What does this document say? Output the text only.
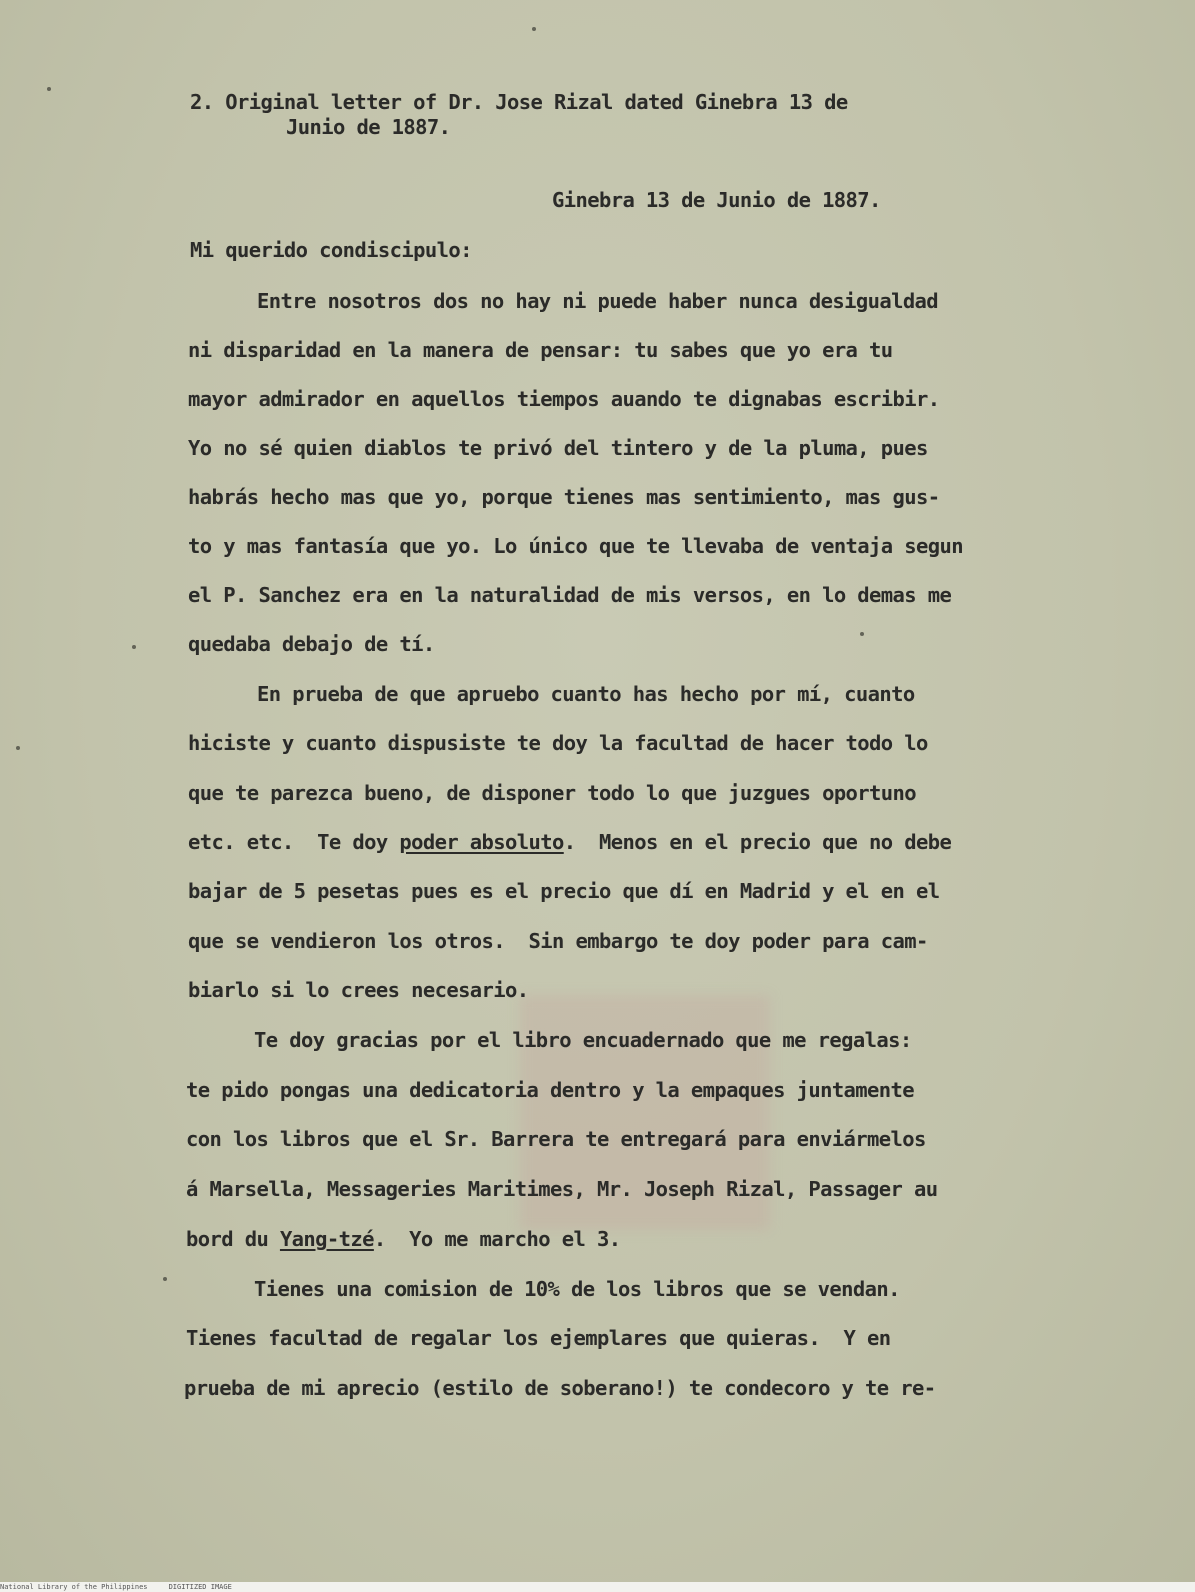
2. Original letter of Dr. Jose Rizal dated Ginebra 13 de

Junio de 1887.

Ginebra 13 de Junio de 1887.

Mi querido condiscipulo:

Entre nosotros dos no hay ni puede haber nunca desigualdad

ni disparidad en la manera de pensar: tu sabes que yo era tu

mayor admirador en aquellos tiempos auando te dignabas escribir.

Yo no sé quien diablos te privó del tintero y de la pluma, pues

habrás hecho mas que yo, porque tienes mas sentimiento, mas gus-

to y mas fantasía que yo. Lo único que te llevaba de ventaja segun

el P. Sanchez era en la naturalidad de mis versos, en lo demas me

quedaba debajo de tí.

En prueba de que apruebo cuanto has hecho por mí, cuanto

hiciste y cuanto dispusiste te doy la facultad de hacer todo lo

que te parezca bueno, de disponer todo lo que juzgues oportuno

etc. etc.  Te doy poder absoluto.  Menos en el precio que no debe

bajar de 5 pesetas pues es el precio que dí en Madrid y el en el

que se vendieron los otros.  Sin embargo te doy poder para cam-

biarlo si lo crees necesario.

Te doy gracias por el libro encuadernado que me regalas:

te pido pongas una dedicatoria dentro y la empaques juntamente

con los libros que el Sr. Barrera te entregará para enviármelos

á Marsella, Messageries Maritimes, Mr. Joseph Rizal, Passager au

bord du Yang-tzé.  Yo me marcho el 3.

Tienes una comision de 10% de los libros que se vendan.

Tienes facultad de regalar los ejemplares que quieras.  Y en

prueba de mi aprecio (estilo de soberano!) te condecoro y te re-

National Library of the Philippines	DIGITIZED IMAGE
